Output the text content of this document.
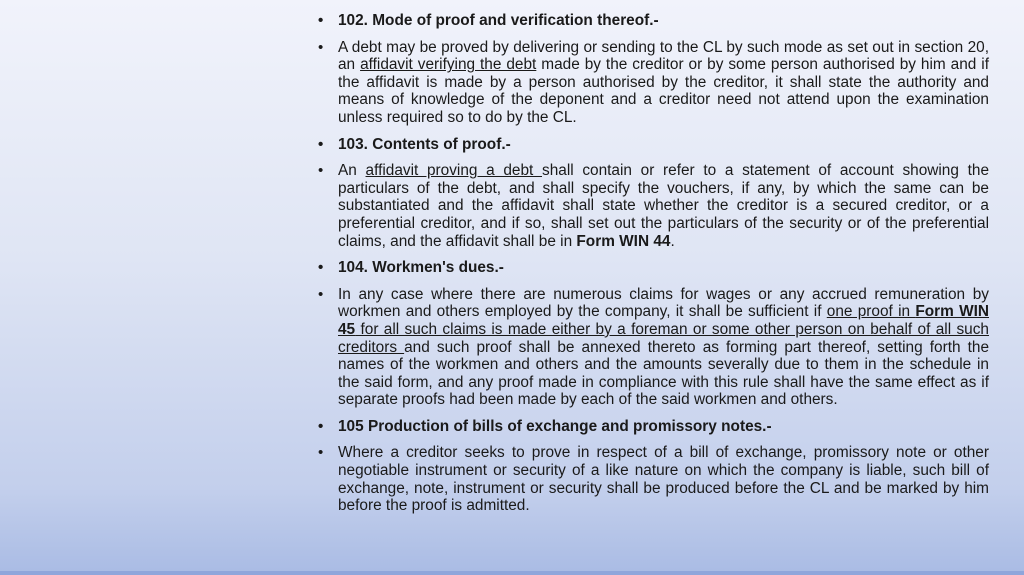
• 102. Mode of proof and verification thereof.-
• A debt may be proved by delivering or sending to the CL by such mode as set out in section 20, an affidavit verifying the debt made by the creditor or by some person authorised by him and if the affidavit is made by a person authorised by the creditor, it shall state the authority and means of knowledge of the deponent and a creditor need not attend upon the examination unless required so to do by the CL.
• 103. Contents of proof.-
• An affidavit proving a debt shall contain or refer to a statement of account showing the particulars of the debt, and shall specify the vouchers, if any, by which the same can be substantiated and the affidavit shall state whether the creditor is a secured creditor, or a preferential creditor, and if so, shall set out the particulars of the security or of the preferential claims, and the affidavit shall be in Form WIN 44.
• 104. Workmen's dues.-
• In any case where there are numerous claims for wages or any accrued remuneration by workmen and others employed by the company, it shall be sufficient if one proof in Form WIN 45 for all such claims is made either by a foreman or some other person on behalf of all such creditors and such proof shall be annexed thereto as forming part thereof, setting forth the names of the workmen and others and the amounts severally due to them in the schedule in the said form, and any proof made in compliance with this rule shall have the same effect as if separate proofs had been made by each of the said workmen and others.
• 105 Production of bills of exchange and promissory notes.-
• Where a creditor seeks to prove in respect of a bill of exchange, promissory note or other negotiable instrument or security of a like nature on which the company is liable, such bill of exchange, note, instrument or security shall be produced before the CL and be marked by him before the proof is admitted.
